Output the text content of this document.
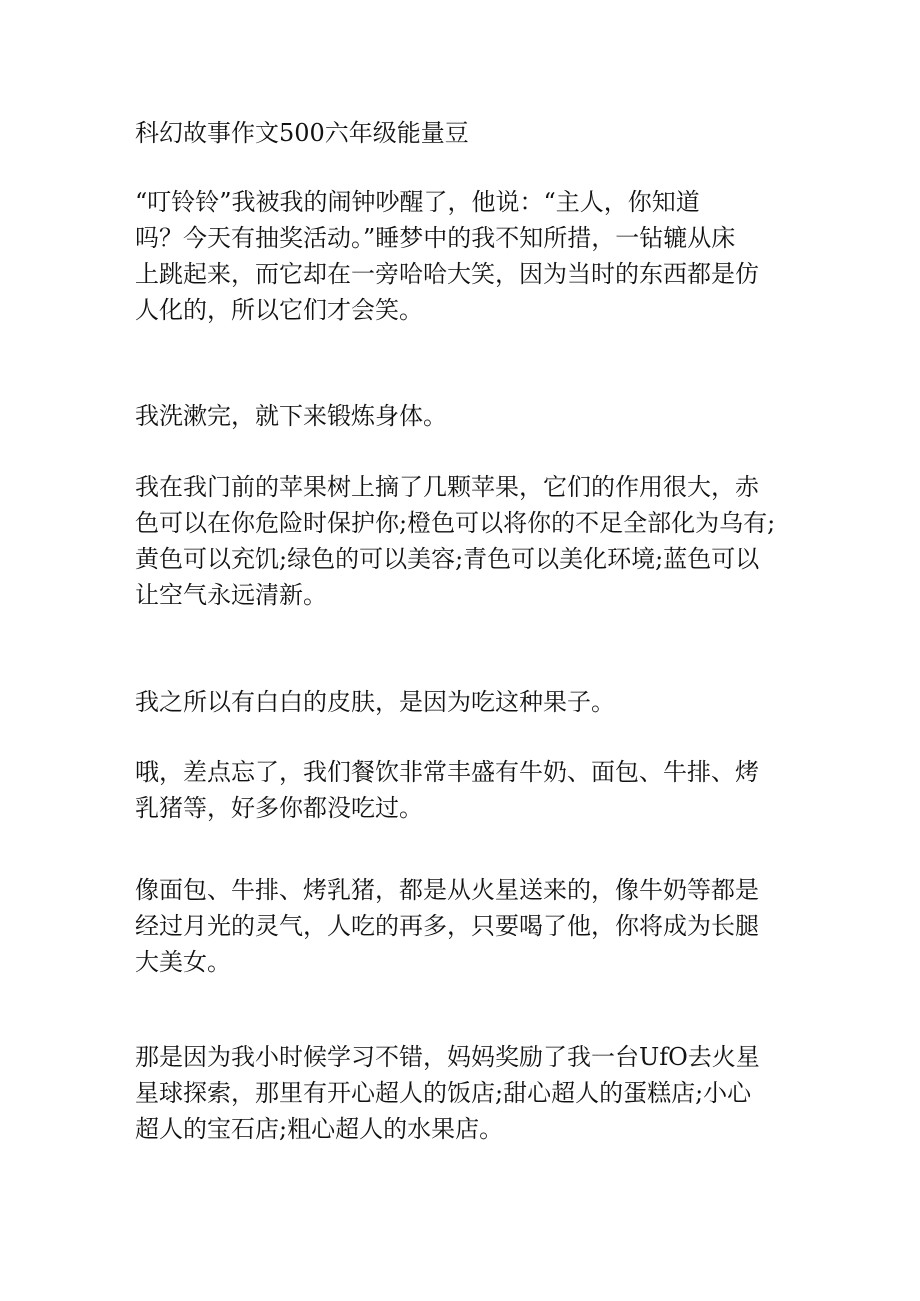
科幻故事作文500六年级能量豆

“叮铃铃”我被我的闹钟吵醒了，他说：“主人，你知道
吗？今天有抽奖活动。”睡梦中的我不知所措，一钻辘从床
上跳起来，而它却在一旁哈哈大笑，因为当时的东西都是仿
人化的，所以它们才会笑。

我洗漱完，就下来锻炼身体。

我在我门前的苹果树上摘了几颗苹果，它们的作用很大，赤
色可以在你危险时保护你;橙色可以将你的不足全部化为乌有;
黄色可以充饥;绿色的可以美容;青色可以美化环境;蓝色可以
让空气永远清新。

我之所以有白白的皮肤，是因为吃这种果子。

哦，差点忘了，我们餐饮非常丰盛有牛奶、面包、牛排、烤
乳猪等，好多你都没吃过。

像面包、牛排、烤乳猪，都是从火星送来的，像牛奶等都是
经过月光的灵气，人吃的再多，只要喝了他，你将成为长腿
大美女。

那是因为我小时候学习不错，妈妈奖励了我一台UfO去火星
星球探索，那里有开心超人的饭店;甜心超人的蛋糕店;小心
超人的宝石店;粗心超人的水果店。
